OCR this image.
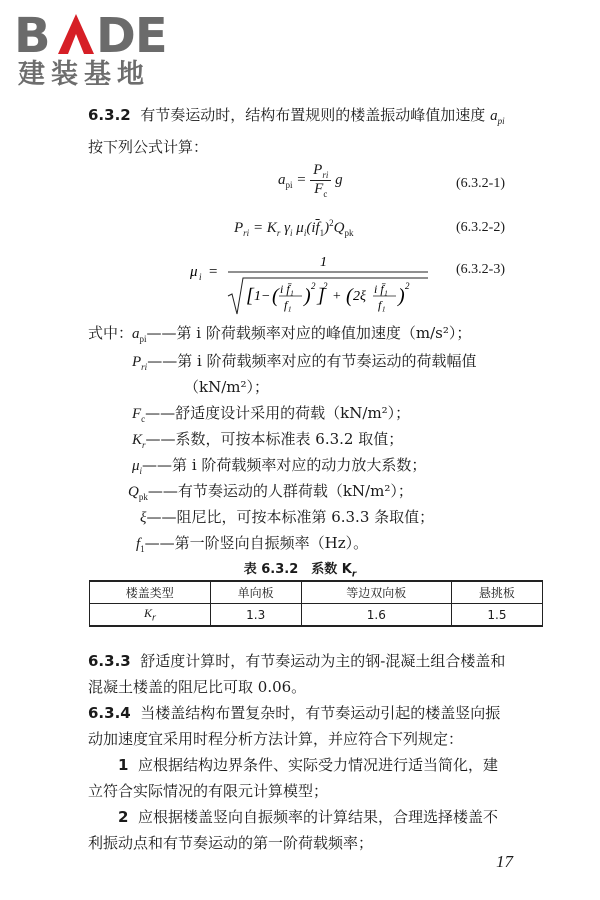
B DE
建装基地
6.3.2 有节奏运动时，结构布置规则的楼盖振动峰值加速度 $a_{pi}$
按下列公式计算：
$a_{pi} = \frac{P_{ri}}{F_c}$ g	(6.3.2-1)
$P_{ri} = K_r$ $\gamma_i$ $\mu_i(i\overline{f}_1)^2Q_{pk}$	(6.3.2-2)
μ i =
1
[ 1− ( i f̄₁
f₁ ) 2 ]
2
+ ( 2ξ i f̄₁
f₁ ) 2
(6.3.2-3)
式中：
$a_{pi}——$第 i 阶荷载频率对应的峰值加速度（m/s²）；
$P_{ri}——$第 i 阶荷载频率对应的有节奏运动的荷载幅值
（kN/m²）；
$F_c——$舒适度设计采用的荷载（kN/m²）；
$K_r——$系数，可按本标准表 6.3.2 取值；
$\mu_i——$第 i 阶荷载频率对应的动力放大系数；
$Q_{pk}——$有节奏运动的人群荷载（kN/m²）；
ξ——阻尼比，可按本标准第 6.3.3 条取值；
$f_1——$第一阶竖向自振频率（Hz）。
表 6.3.2　系数 $K_r$
楼盖类型	单向板	等边双向板	悬挑板
$K_r$	1.3	1.6	1.5
6.3.3 舒适度计算时，有节奏运动为主的钢-混凝土组合楼盖和
混凝土楼盖的阻尼比可取 0.06。
6.3.4 当楼盖结构布置复杂时，有节奏运动引起的楼盖竖向振
动加速度宜采用时程分析方法计算，并应符合下列规定：
1 应根据结构边界条件、实际受力情况进行适当简化，建
立符合实际情况的有限元计算模型；
2 应根据楼盖竖向自振频率的计算结果，合理选择楼盖不
利振动点和有节奏运动的第一阶荷载频率；
17
